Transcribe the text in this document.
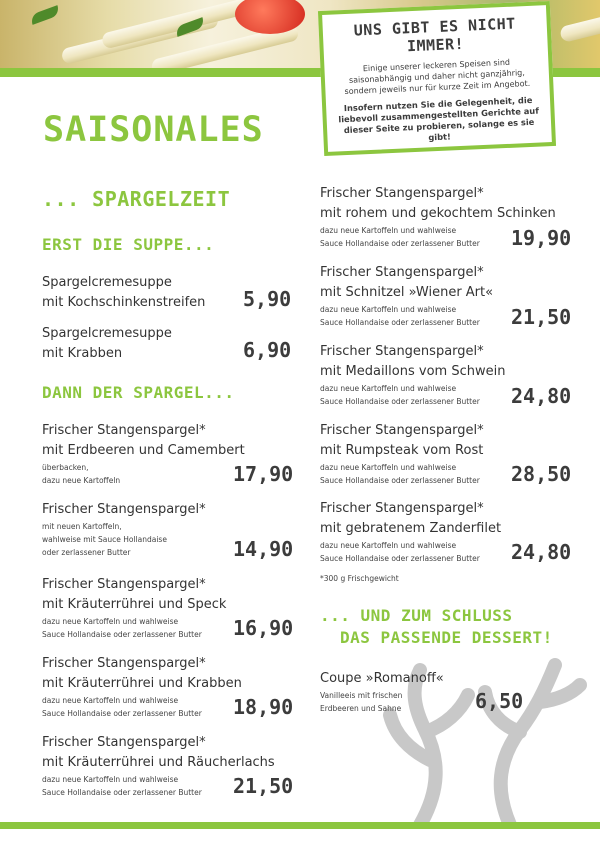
UNS GIBT ES NICHT IMMER!
Einige unserer leckeren Speisen sind saisonabhängig und daher nicht ganzjährig, sondern jeweils nur für kurze Zeit im Angebot.
Insofern nutzen Sie die Gelegenheit, die liebevoll zusammengestellten Gerichte auf dieser Seite zu probieren, solange es sie gibt!
SAISONALES
... SPARGELZEIT
ERST DIE SUPPE...
Spargelcremesuppe
mit Kochschinkenstreifen 5,90
Spargelcremesuppe
mit Krabben	6,90
DANN DER SPARGEL...
Frischer Stangenspargel*
mit Erdbeeren und Camembert
überbacken,
dazu neue Kartoffeln	17,90
Frischer Stangenspargel*
mit neuen Kartoffeln,
wahlweise mit Sauce Hollandaise
oder zerlassener Butter	14,90
Frischer Stangenspargel*
mit Kräuterrührei und Speck
dazu neue Kartoffeln und wahlweise
Sauce Hollandaise oder zerlassener Butter	16,90
Frischer Stangenspargel*
mit Kräuterrührei und Krabben
dazu neue Kartoffeln und wahlweise
Sauce Hollandaise oder zerlassener Butter	18,90
Frischer Stangenspargel*
mit Kräuterrührei und Räucherlachs
dazu neue Kartoffeln und wahlweise
Sauce Hollandaise oder zerlassener Butter	21,50
Frischer Stangenspargel*
mit rohem und gekochtem Schinken
dazu neue Kartoffeln und wahlweise
Sauce Hollandaise oder zerlassener Butter	19,90
Frischer Stangenspargel*
mit Schnitzel »Wiener Art«
dazu neue Kartoffeln und wahlweise
Sauce Hollandaise oder zerlassener Butter	21,50
Frischer Stangenspargel*
mit Medaillons vom Schwein
dazu neue Kartoffeln und wahlweise
Sauce Hollandaise oder zerlassener Butter	24,80
Frischer Stangenspargel*
mit Rumpsteak vom Rost
dazu neue Kartoffeln und wahlweise
Sauce Hollandaise oder zerlassener Butter 28,50
Frischer Stangenspargel*
mit gebratenem Zanderfilet
dazu neue Kartoffeln und wahlweise
Sauce Hollandaise oder zerlassener Butter	24,80
*300 g Frischgewicht
... UND ZUM SCHLUSS
DAS PASSENDE DESSERT!
Coupe »Romanoff«
Vanilleeis mit frischen
Erdbeeren und Sahne	6,50
